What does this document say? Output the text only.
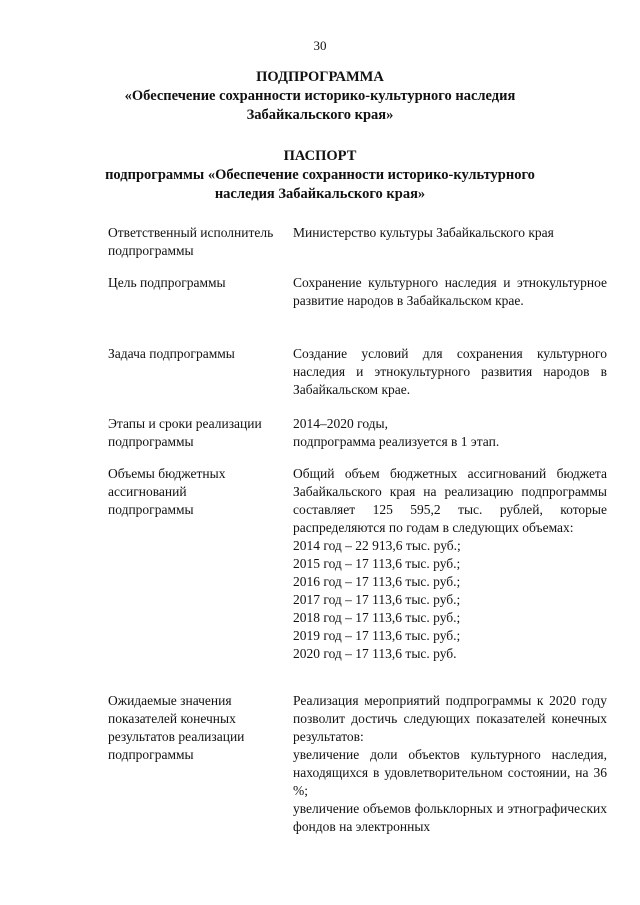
30
ПОДПРОГРАММА
«Обеспечение сохранности историко-культурного наследия
Забайкальского края»
ПАСПОРТ
подпрограммы «Обеспечение сохранности историко-культурного
наследия Забайкальского края»
Ответственный исполнитель
подпрограммы
Министерство культуры Забайкальского края
Цель подпрограммы	Сохранение культурного наследия и этнокультурное развитие народов в Забайкальском крае.
Задача подпрограммы	Создание условий для сохранения культурного наследия и этнокультурного развития народов в Забайкальском крае.
Этапы и сроки реализации
подпрограммы
2014–2020 годы,
подпрограмма реализуется в 1 этап.
Объемы бюджетных
ассигнований
подпрограммы
Общий объем бюджетных ассигнований бюджета Забайкальского края на реализацию подпрограммы составляет 125 595,2 тыс. рублей, которые распределяются по годам в следующих объемах:
2014 год – 22 913,6 тыс. руб.;
2015 год – 17 113,6 тыс. руб.;
2016 год – 17 113,6 тыс. руб.;
2017 год – 17 113,6 тыс. руб.;
2018 год – 17 113,6 тыс. руб.;
2019 год – 17 113,6 тыс. руб.;
2020 год – 17 113,6 тыс. руб.
Ожидаемые значения
показателей конечных
результатов реализации
подпрограммы
Реализация мероприятий подпрограммы к 2020 году позволит достичь следующих показателей конечных результатов:
увеличение доли объектов культурного наследия, находящихся в удовлетворительном состоянии, на 36 %;
увеличение объемов фольклорных и этнографических фондов на электронных
